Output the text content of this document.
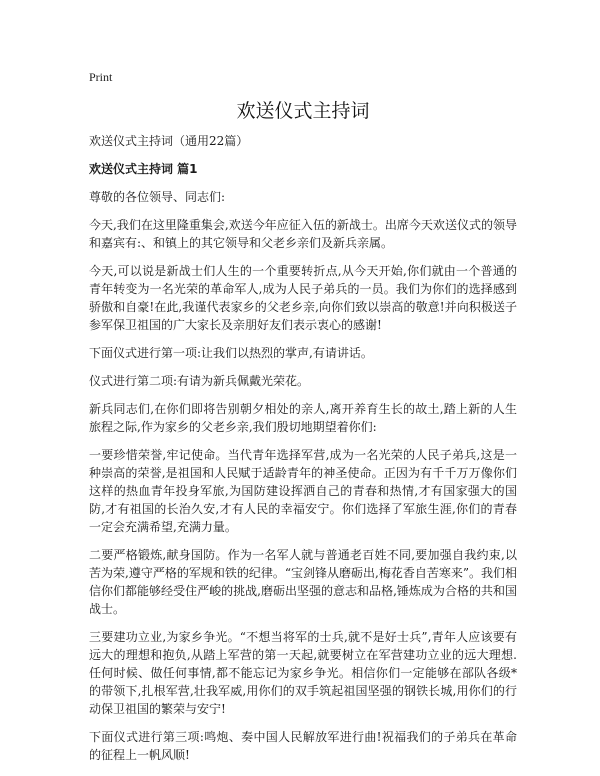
Print
欢送仪式主持词

欢送仪式主持词（通用22篇）

欢送仪式主持词 篇1

尊敬的各位领导、同志们:

今天,我们在这里隆重集会,欢送今年应征入伍的新战士。出席今天欢送仪式的领导和嘉宾有:、和镇上的其它领导和父老乡亲们及新兵亲属。

今天,可以说是新战士们人生的一个重要转折点,从今天开始,你们就由一个普通的青年转变为一名光荣的革命军人,成为人民子弟兵的一员。我们为你们的选择感到骄傲和自豪!在此,我谨代表家乡的父老乡亲,向你们致以崇高的敬意!并向积极送子参军保卫祖国的广大家长及亲朋好友们表示衷心的感谢!

下面仪式进行第一项:让我们以热烈的掌声,有请讲话。

仪式进行第二项:有请为新兵佩戴光荣花。

新兵同志们,在你们即将告别朝夕相处的亲人,离开养育生长的故土,踏上新的人生旅程之际,作为家乡的父老乡亲,我们殷切地期望着你们:

一要珍惜荣誉,牢记使命。当代青年选择军营,成为一名光荣的人民子弟兵,这是一种崇高的荣誉,是祖国和人民赋于适龄青年的神圣使命。正因为有千千万万像你们这样的热血青年投身军旅,为国防建设挥洒自己的青春和热情,才有国家强大的国防,才有祖国的长治久安,才有人民的幸福安宁。你们选择了军旅生涯,你们的青春一定会充满希望,充满力量。

二要严格锻炼,献身国防。作为一名军人就与普通老百姓不同,要加强自我约束,以苦为荣,遵守严格的军规和铁的纪律。“宝剑锋从磨砺出,梅花香自苦寒来”。我们相信你们都能够经受住严峻的挑战,磨砺出坚强的意志和品格,锤炼成为合格的共和国战士。

三要建功立业,为家乡争光。“不想当将军的士兵,就不是好士兵”,青年人应该要有远大的理想和抱负,从踏上军营的第一天起,就要树立在军营建功立业的远大理想.任何时候、做任何事情,都不能忘记为家乡争光。相信你们一定能够在部队各级*的带领下,扎根军营,壮我军威,用你们的双手筑起祖国坚强的钢铁长城,用你们的行动保卫祖国的繁荣与安宁!

下面仪式进行第三项:鸣炮、奏中国人民解放军进行曲!祝福我们的子弟兵在革命的征程上一帆风顺!
